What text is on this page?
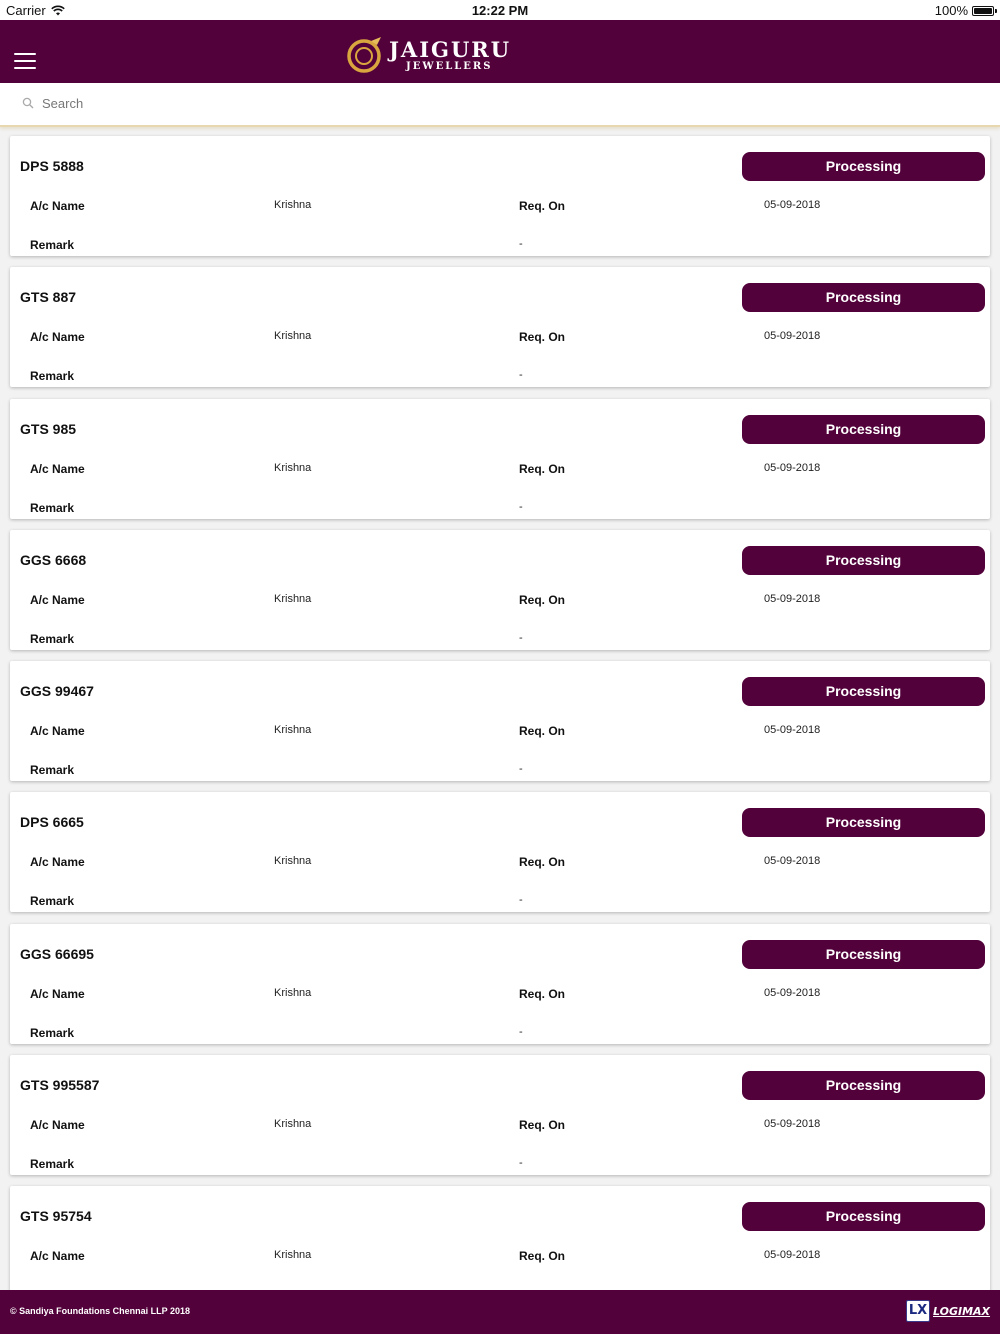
Carrier	12:22 PM	100%
JAIGURU
JEWELLERS
Search
DPS 5888	Processing
A/c Name	Krishna	Req. On	05-09-2018
Remark	-
GTS 887	Processing
A/c Name	Krishna	Req. On	05-09-2018
Remark	-
GTS 985	Processing
A/c Name	Krishna	Req. On	05-09-2018
Remark	-
GGS 6668	Processing
A/c Name	Krishna	Req. On	05-09-2018
Remark	-
GGS 99467	Processing
A/c Name	Krishna	Req. On	05-09-2018
Remark	-
DPS 6665	Processing
A/c Name	Krishna	Req. On	05-09-2018
Remark	-
GGS 66695	Processing
A/c Name	Krishna	Req. On	05-09-2018
Remark	-
GTS 995587	Processing
A/c Name	Krishna	Req. On	05-09-2018
Remark	-
GTS 95754	Processing
A/c Name	Krishna	Req. On	05-09-2018
© Sandiya Foundations Chennai LLP 2018	LX LOGIMAX
